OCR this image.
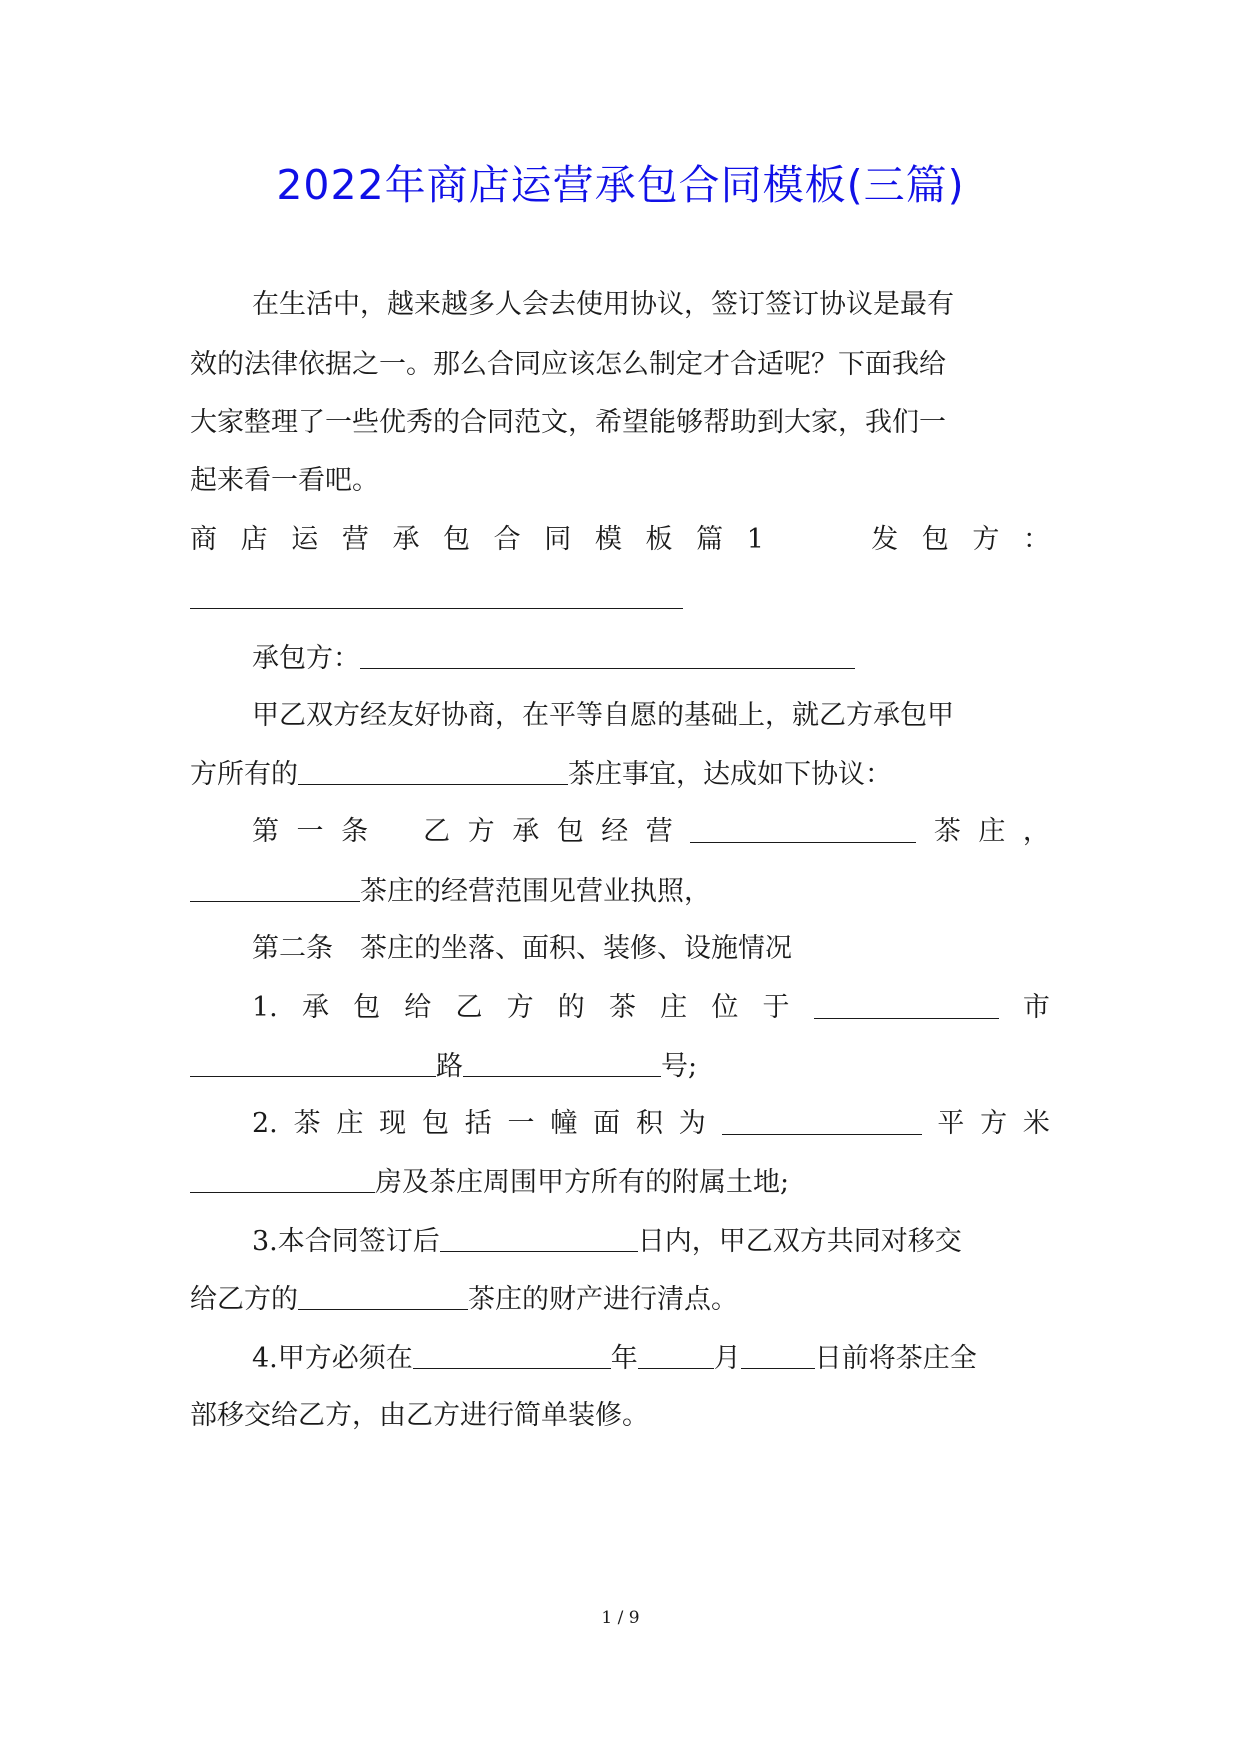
2022年商店运营承包合同模板(三篇)
在生活中，越来越多人会去使用协议，签订签订协议是最有
效的法律依据之一。那么合同应该怎么制定才合适呢？下面我给
大家整理了一些优秀的合同范文，希望能够帮助到大家，我们一
起来看一看吧。
商 店 运 营 承 包 合 同 模 板 篇 1	发 包 方 ：
承包方：
甲乙双方经友好协商，在平等自愿的基础上，就乙方承包甲
方所有的	茶庄事宜，达成如下协议：
第 一 条 乙 方 承 包 经 营	茶 庄 ，
茶庄的经营范围见营业执照，
第二条　茶庄的坐落、面积、装修、设施情况
1. 承 包 给 乙 方 的 茶 庄 位 于	市
路	号;
2. 茶 庄 现 包 括 一 幢 面 积 为	平 方 米
房及茶庄周围甲方所有的附属土地;
3.本合同签订后	日内，甲乙双方共同对移交
给乙方的	茶庄的财产进行清点。
4.甲方必须在	年	月	日前将茶庄全
部移交给乙方，由乙方进行简单装修。
1 / 9
